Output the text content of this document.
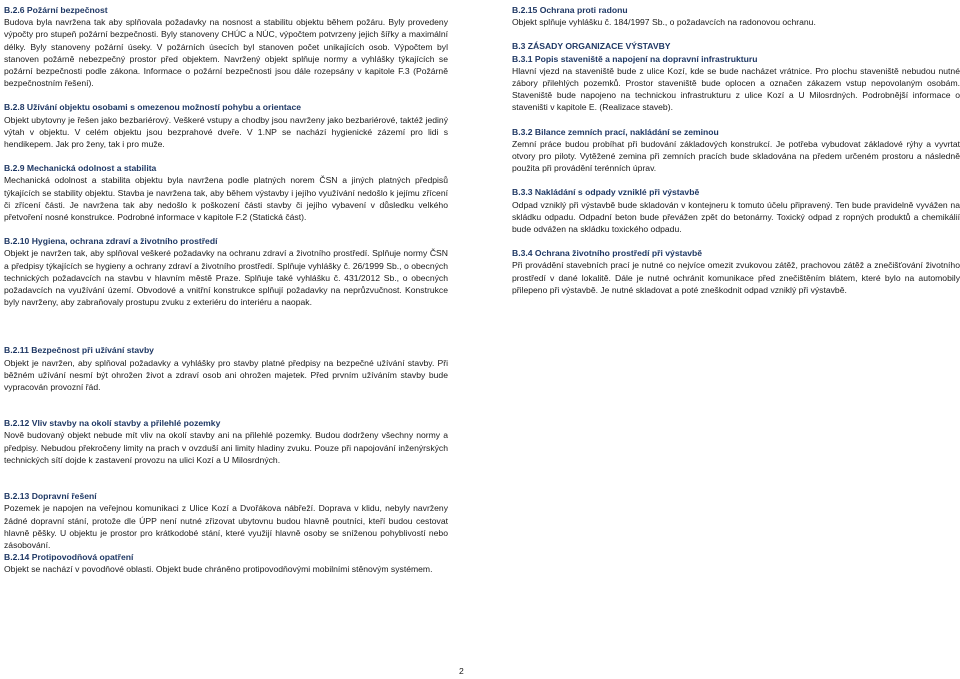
B.2.6 Požární bezpečnost

Budova byla navržena tak aby splňovala požadavky na nosnost a stabilitu objektu během požáru. Byly provedeny výpočty pro stupeň požární bezpečnosti. Byly stanoveny CHÚC a NÚC, výpočtem potvrzeny jejich šířky a maximální délky. Byly stanoveny požární úseky. V požárních úsecích byl stanoven počet unikajících osob. Výpočtem byl stanoven požárně nebezpečný prostor před objektem. Navržený objekt splňuje normy a vyhlášky týkajících se požární bezpečnosti podle zákona. Informace o požární bezpečnosti jsou dále rozepsány v kapitole F.3 (Požárně bezpečnostním řešení).

B.2.8 Užívání objektu osobami s omezenou možností pohybu a orientace

Objekt ubytovny je řešen jako bezbariérový. Veškeré vstupy a chodby jsou navrženy jako bezbariérové, taktéž jediný výtah v objektu. V celém objektu jsou bezprahové dveře. V 1.NP se nachází hygienické zázemí pro lidi s hendikepem. Jak pro ženy, tak i pro muže.

B.2.9 Mechanická odolnost a stabilita

Mechanická odolnost a stabilita objektu byla navržena podle platných norem ČSN a jiných platných předpisů týkajících se stability objektu. Stavba je navržena tak, aby během výstavby i jejího využívání nedošlo k jejímu zřícení či zřícení části. Je navržena tak aby nedošlo k poškození části stavby či jejího vybavení v důsledku velkého přetvoření nosné konstrukce. Podrobné informace v kapitole F.2 (Statická část).

B.2.10 Hygiena, ochrana zdraví a životního prostředí

Objekt je navržen tak, aby splňoval veškeré požadavky na ochranu zdraví a životního prostředí. Splňuje normy ČSN a předpisy týkajících se hygieny a ochrany zdraví a životního prostředí. Splňuje vyhlášky č. 26/1999 Sb., o obecných technických požadavcích na stavbu v hlavním městě Praze. Splňuje také vyhlášku č. 431/2012 Sb., o obecných požadavcích na využívání území. Obvodové a vnitřní konstrukce splňují požadavky na neprůzvučnost. Konstrukce byly navrženy, aby zabraňovaly prostupu zvuku z exteriéru do interiéru a naopak.

B.2.11 Bezpečnost při užívání stavby

Objekt je navržen, aby splňoval požadavky a vyhlášky pro stavby platné předpisy na bezpečné užívání stavby. Při běžném užívání nesmí být ohrožen život a zdraví osob ani ohrožen majetek. Před prvním užíváním stavby bude vypracován provozní řád.

B.2.12 Vliv stavby na okolí stavby a přilehlé pozemky

Nově budovaný objekt nebude mít vliv na okolí stavby ani na přilehlé pozemky. Budou dodrženy všechny normy a předpisy. Nebudou překročeny limity na prach v ovzduší ani limity hladiny zvuku. Pouze při napojování inženýrských technických sítí dojde k zastavení provozu na ulici Kozí a U Milosrdných.

B.2.13 Dopravní řešení

Pozemek je napojen na veřejnou komunikaci z Ulice Kozí a Dvořákova nábřeží. Doprava v klidu, nebyly navrženy žádné dopravní stání, protože dle ÚPP není nutné zřizovat ubytovnu budou hlavně poutníci, kteří budou cestovat hlavně pěšky. U objektu je prostor pro krátkodobé stání, které využijí hlavně osoby se sníženou pohyblivostí nebo zásobování.

B.2.14 Protipovodňová opatření

Objekt se nachází v povodňové oblasti. Objekt bude chráněno protipovodňovými mobilními stěnovým systémem.

B.2.15 Ochrana proti radonu

Objekt splňuje vyhlášku č. 184/1997 Sb., o požadavcích na radonovou ochranu.

B.3 ZÁSADY ORGANIZACE VÝSTAVBY
B.3.1 Popis staveniště a napojení na dopravní infrastrukturu

Hlavní vjezd na staveniště bude z ulice Kozí, kde se bude nacházet vrátnice. Pro plochu staveniště nebudou nutné zábory přilehlých pozemků. Prostor staveniště bude oplocen a označen zákazem vstup nepovolaným osobám. Staveniště bude napojeno na technickou infrastrukturu z ulice Kozí a U Milosrdných. Podrobnější informace o staveništi v kapitole E. (Realizace staveb).

B.3.2 Bilance zemních prací, nakládání se zeminou

Zemní práce budou probíhat při budování základových konstrukcí. Je potřeba vybudovat základové rýhy a vyvrtat otvory pro piloty. Vytěžené zemina při zemních pracích bude skladována na předem určeném prostoru a následně použita při provádění terénních úprav.

B.3.3 Nakládání s odpady vzniklé při výstavbě

Odpad vzniklý při výstavbě bude skladován v kontejneru k tomuto účelu připravený. Ten bude pravidelně vyvážen na skládku odpadu. Odpadní beton bude převážen zpět do betonárny. Toxický odpad z ropných produktů a chemikálií bude odvážen na skládku toxického odpadu.

B.3.4 Ochrana životního prostředí při výstavbě

Při provádění stavebních prací je nutné co nejvíce omezit zvukovou zátěž, prachovou zátěž a znečišťování životního prostředí v dané lokalitě. Dále je nutné ochránit komunikace před znečištěním blátem, které bylo na automobily přilepeno při výstavbě. Je nutné skladovat a poté zneškodnit odpad vzniklý při výstavbě.

2
